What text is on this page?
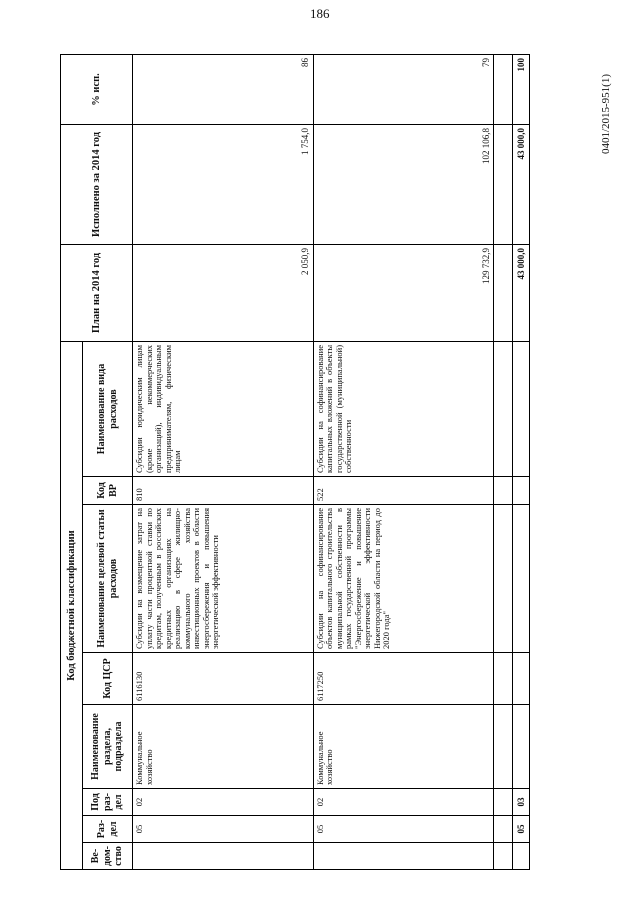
186
0401/2015-951(1)
Код бюджетной классификации								План на 2014 год	Исполнено за 2014 год	% исп.
Ве-дом-ство	Раз-дел	Под раз-дел	Наименование раздела, подраздела	Код ЦСР	Наименование целевой статьи расходов	Код ВР	Наименование вида расходов			
	05	02	Коммунальное хозяйство	6116130	Субсидии на возмещение затрат на уплату части процентной ставки по кредитам, полученным в российских кредитных организациях на реализацию в сфере жилищно-коммунального хозяйства инвестиционных проектов в области энергосбережения и повышения энергетической эффективности	810	Субсидии юридическим лицам (кроме некоммерческих организаций), индивидуальным предпринимателям, физическим лицам	2 050,9	1 754,0	86
	05	02	Коммунальное хозяйство	6117250	Субсидии на софинансирование объектов капитального строительства муниципальной собственности в рамках государственной программы "Энергосбережение и повышение энергетической эффективности Нижегородской области на период до 2020 года"	522	Субсидии на софинансирование капитальных вложений в объекты государственной (муниципальной) собственности	129 732,9	102 106,8	79

	05	03						43 000,0	43 000,0	100
